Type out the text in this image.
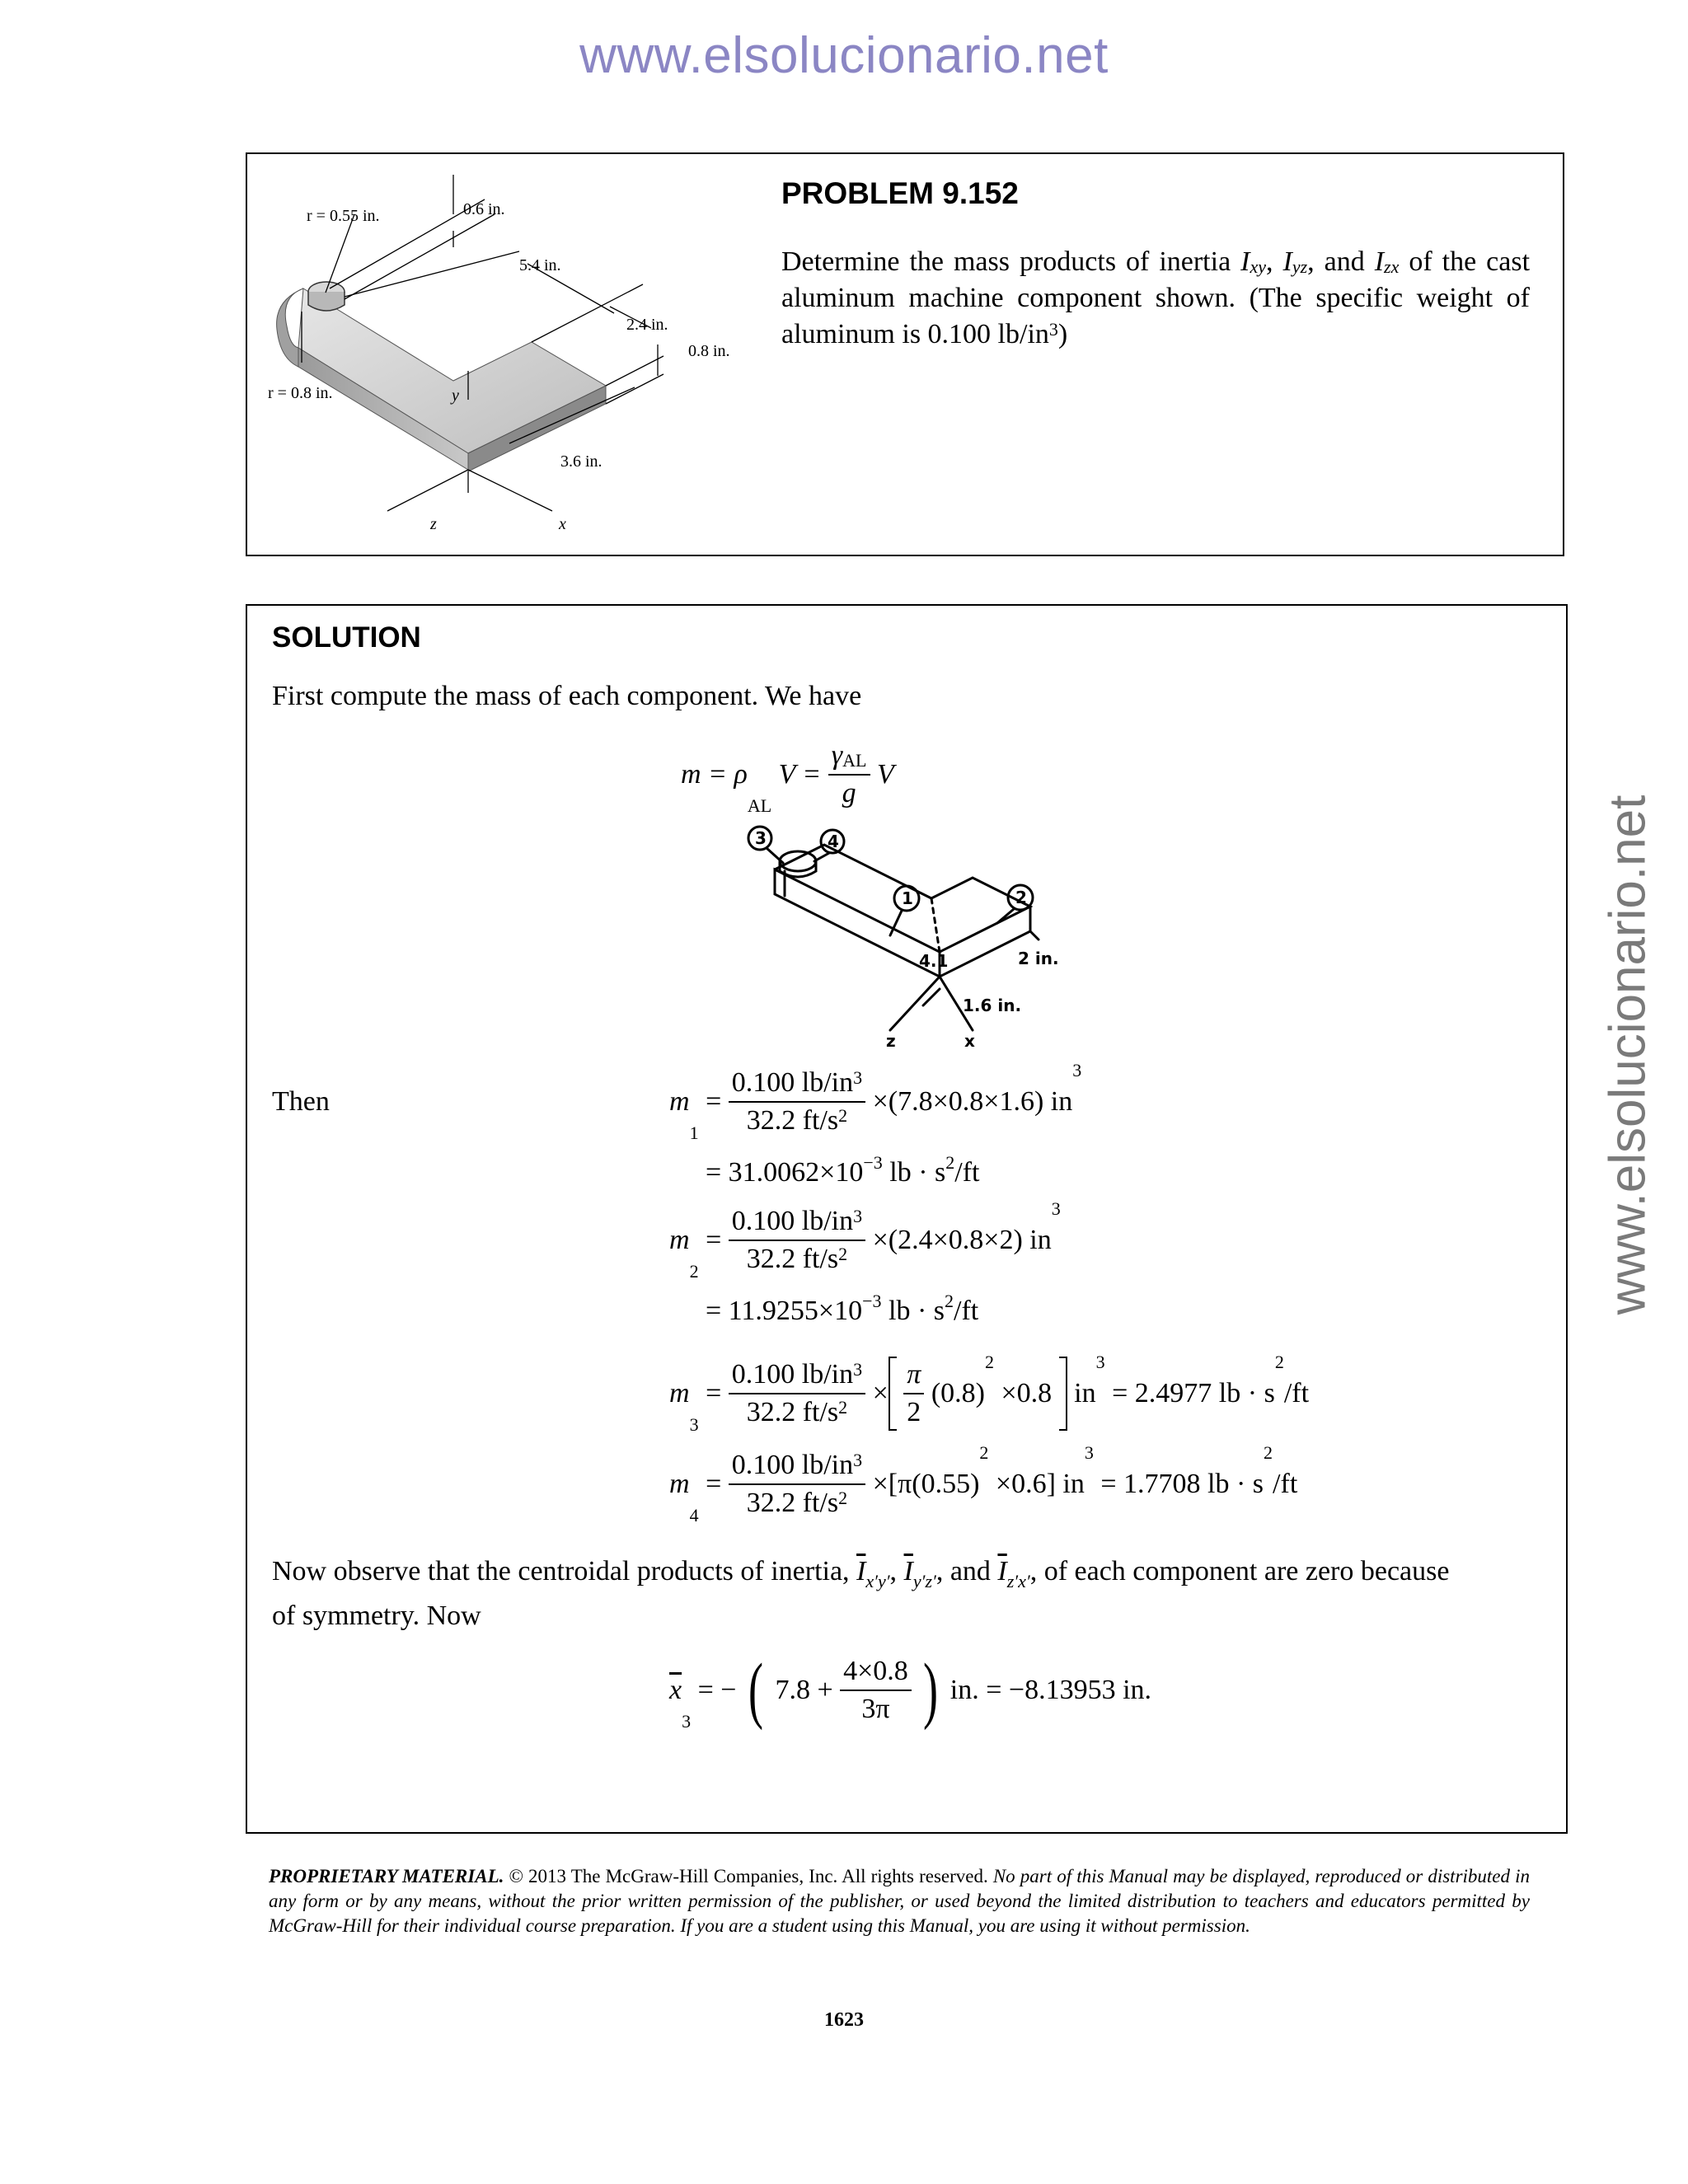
www.elsolucionario.net
www.elsolucionario.net
r = 0.55 in.	0.6 in.
5.4 in.
2.4 in.
0.8 in.
r = 0.8 in.	y
3.6 in.
z	x
PROBLEM 9.152
Determine the mass products of inertia $I_{xy}$, $I_{yz}$, and $I_{zx}$ of the cast aluminum machine component shown. (The specific weight of aluminum is 0.100 $lb/in^3$)
SOLUTION
First compute the mass of each component. We have
$m = \rho_{AL}$ $V = \frac{\gamma_{AL}}{g}$ V
3	4
1	2
4.1	2 in.
1.6 in.
z	x
Then	$m_1 = \frac{0.100 lb/in^3}{32.2 ft/s^2} \times(7.8\times 0.8\times 1.6)$ $in^3$
= $31.0062\times 10^{-3}$ lb · $s^2/ft$
$m_2 = \frac{0.100 lb/in^3}{32.2 ft/s^2} \times(2.4\times 0.8\times 2)$ $in^3$
= $11.9255\times 10^{-3}$ lb · $s^2/ft$
$m_3 = \frac{0.100 lb/in^3}{32.2 ft/s^2} \times \frac{\pi}{2} (0.8)^2 \times 0.8$  $in^3 = 2.4977$ lb · $s^2/ft$
$m_4 = \frac{0.100 lb/in^3}{32.2 ft/s^2} \times[\pi(0.55)^2 \times 0.6] in^3 = 1.7708$ lb · $s^2/ft$
Now observe that the centroidal products of inertia, $\overline{I}_{x'y'}$, $\overline{I}_{y'z'}$, and $\overline{I}_{z'x'}$, of each component are zero because
of symmetry. Now
$\overline{x}_3$ = − ( $7.8 + \frac{4\times 0.8}{3\pi}$ ) in. = −8.13953 in.
PROPRIETARY MATERIAL. © 2013 The McGraw-Hill Companies, Inc. All rights reserved. No part of this Manual may be displayed, reproduced or distributed in any form or by any means, without the prior written permission of the publisher, or used beyond the limited distribution to teachers and educators permitted by McGraw-Hill for their individual course preparation. If you are a student using this Manual, you are using it without permission.
1623
